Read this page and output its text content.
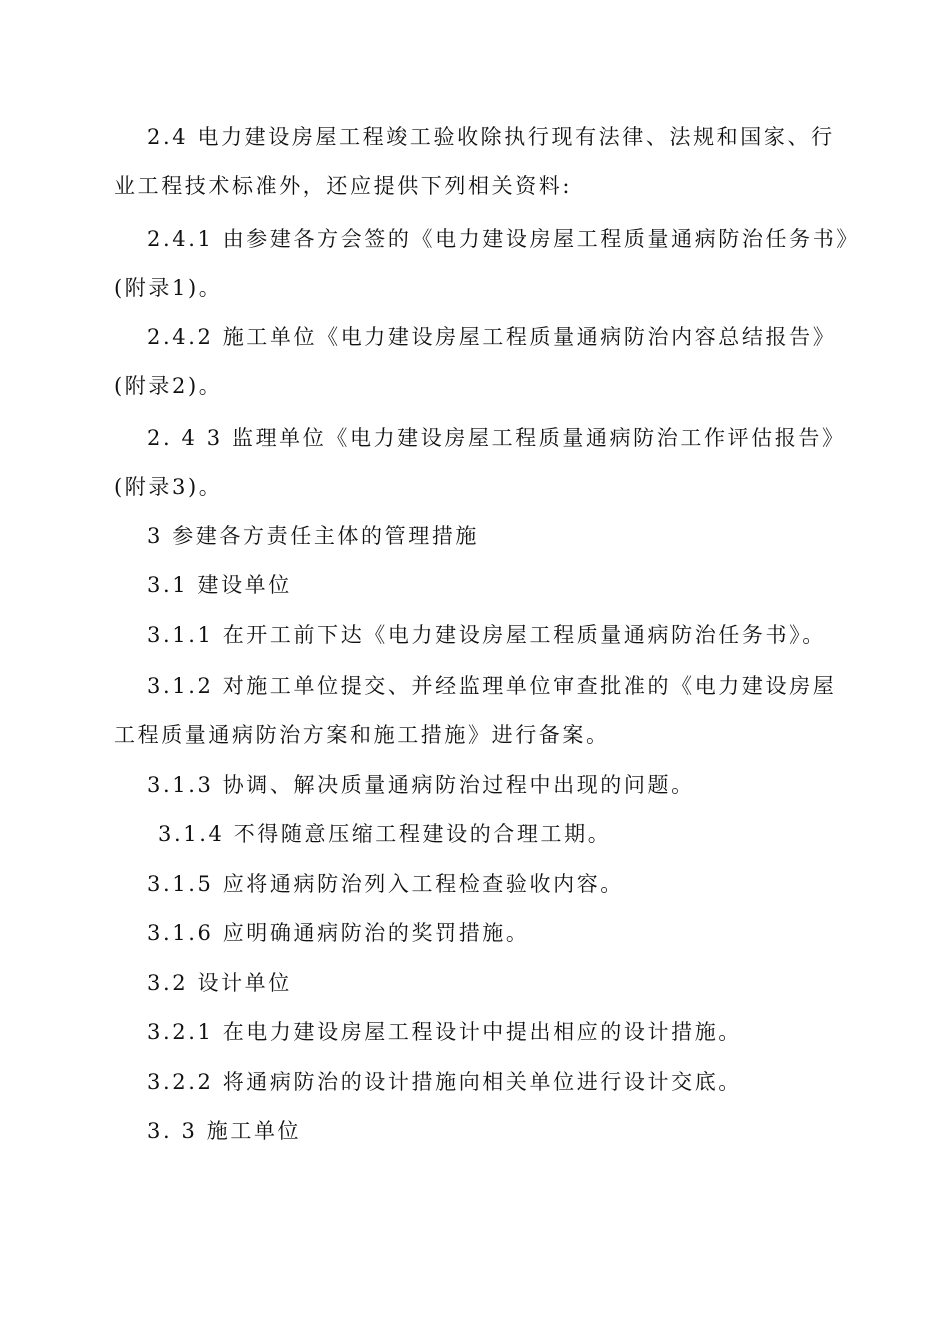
2.4 电力建设房屋工程竣工验收除执行现有法律、法规和国家、行业工程技术标准外，还应提供下列相关资料:

2.4.1 由参建各方会签的《电力建设房屋工程质量通病防治任务书》(附录1)。

2.4.2 施工单位《电力建设房屋工程质量通病防治内容总结报告》(附录2)。

2. 4 3 监理单位《电力建设房屋工程质量通病防治工作评估报告》(附录3)。

3 参建各方责任主体的管理措施

3.1 建设单位

3.1.1 在开工前下达《电力建设房屋工程质量通病防治任务书》。

3.1.2 对施工单位提交、并经监理单位审查批准的《电力建设房屋工程质量通病防治方案和施工措施》进行备案。

3.1.3 协调、解决质量通病防治过程中出现的问题。

3.1.4 不得随意压缩工程建设的合理工期。

3.1.5 应将通病防治列入工程检查验收内容。

3.1.6 应明确通病防治的奖罚措施。

3.2 设计单位

3.2.1 在电力建设房屋工程设计中提出相应的设计措施。

3.2.2 将通病防治的设计措施向相关单位进行设计交底。

3. 3 施工单位
